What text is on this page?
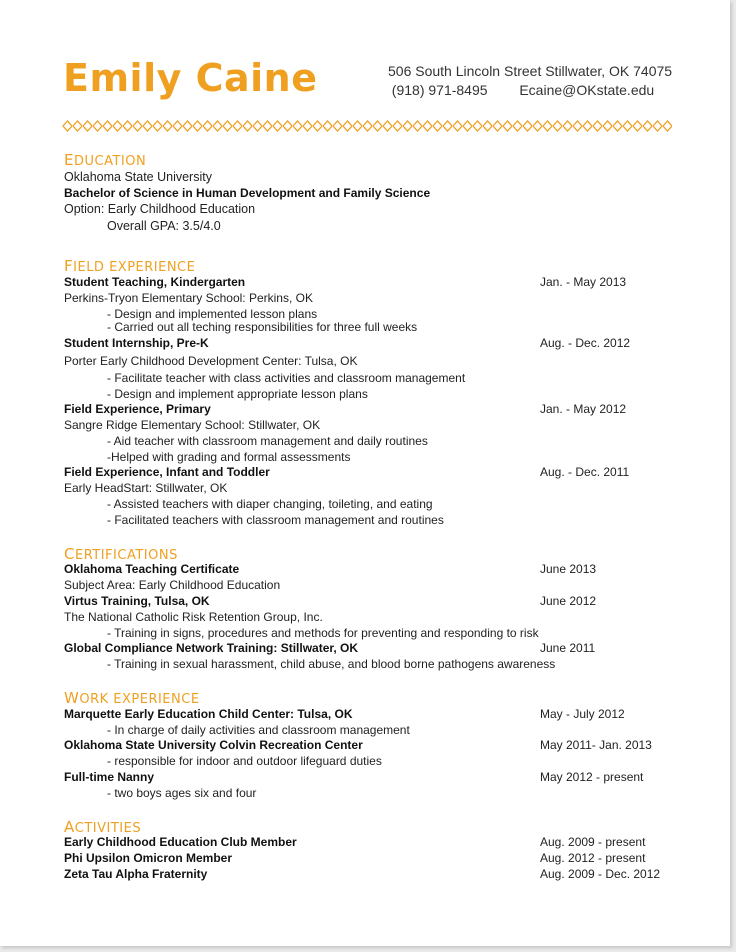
Emily Caine	506 South Lincoln Street Stillwater, OK 74075
(918) 971-8495 Ecaine@OKstate.edu
EDUCATION
Oklahoma State University
Bachelor of Science in Human Development and Family Science
Option: Early Childhood Education
Overall GPA: 3.5/4.0
FIELD EXPERIENCE
Student Teaching, Kindergarten	Jan. - May 2013
Perkins-Tryon Elementary School: Perkins, OK
- Design and implemented lesson plans
- Carried out all teching responsibilities for three full weeks
Student Internship, Pre-K	Aug. - Dec. 2012
Porter Early Childhood Development Center: Tulsa, OK
- Facilitate teacher with class activities and classroom management
- Design and implement appropriate lesson plans
Field Experience, Primary	Jan. - May 2012
Sangre Ridge Elementary School: Stillwater, OK
- Aid teacher with classroom management and daily routines
-Helped with grading and formal assessments
Field Experience, Infant and Toddler	Aug. - Dec. 2011
Early HeadStart: Stillwater, OK
- Assisted teachers with diaper changing, toileting, and eating
- Facilitated teachers with classroom management and routines
CERTIFICATIONS
Oklahoma Teaching Certificate	June 2013
Subject Area: Early Childhood Education
Virtus Training, Tulsa, OK	June 2012
The National Catholic Risk Retention Group, Inc.
- Training in signs, procedures and methods for preventing and responding to risk
Global Compliance Network Training: Stillwater, OK	June 2011
- Training in sexual harassment, child abuse, and blood borne pathogens awareness
WORK EXPERIENCE
Marquette Early Education Child Center: Tulsa, OK	May - July 2012
- In charge of daily activities and classroom management
Oklahoma State University Colvin Recreation Center	May 2011- Jan. 2013
- responsible for indoor and outdoor lifeguard duties
Full-time Nanny	May 2012 - present
- two boys ages six and four
ACTIVITIES
Early Childhood Education Club Member	Aug. 2009 - present
Phi Upsilon Omicron Member	Aug. 2012 - present
Zeta Tau Alpha Fraternity	Aug. 2009 - Dec. 2012
